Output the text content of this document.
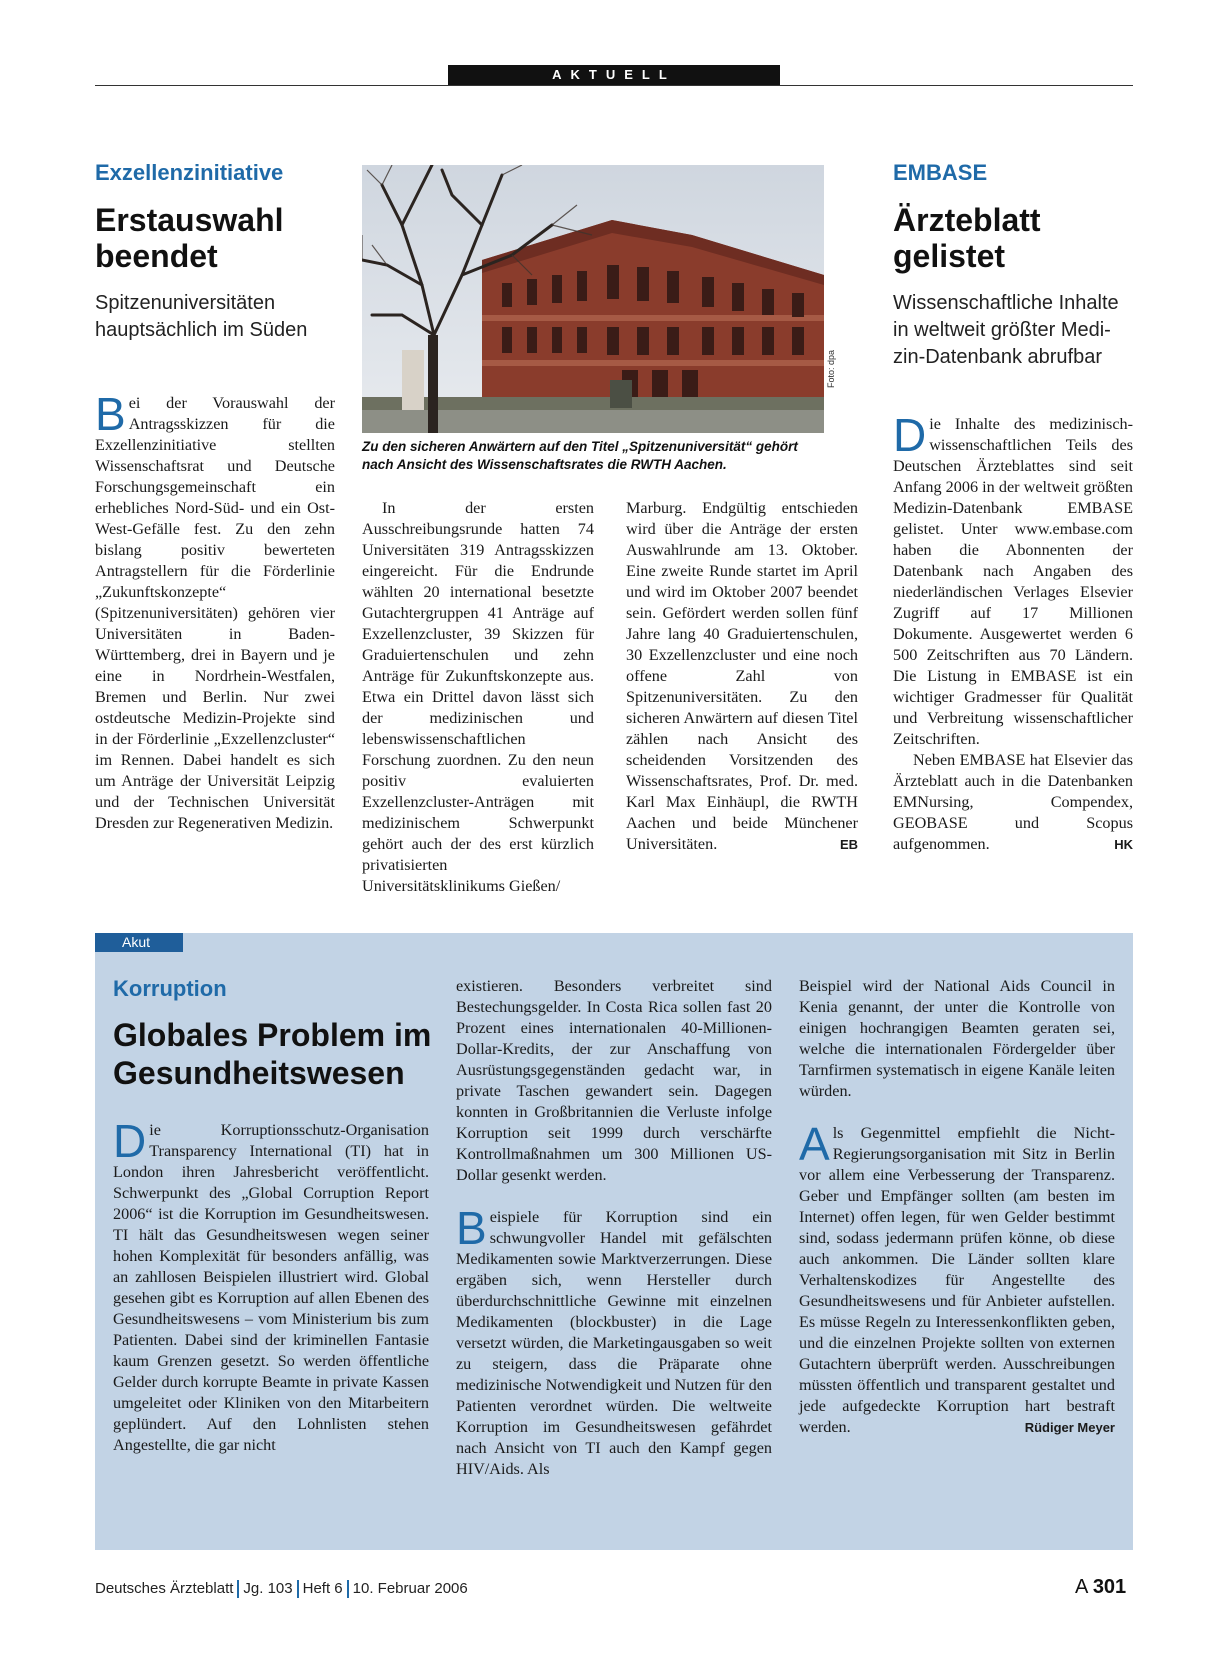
AKTUELL
Exzellenzinitiative
Erstauswahl
beendet
Spitzenuniversitäten
hauptsächlich im Süden

Bei der Vorauswahl der Antragsskizzen für die Exzellenzinitiative stellten Wissenschaftsrat und Deutsche Forschungsgemeinschaft ein erhebliches Nord-Süd- und ein Ost-West-Gefälle fest. Zu den zehn bislang positiv bewerteten Antragstellern für die Förderlinie „Zukunftskonzepte“ (Spitzenuniversitäten) gehören vier Universitäten in Baden-Württemberg, drei in Bayern und je eine in Nordrhein-Westfalen, Bremen und Berlin. Nur zwei ostdeutsche Medizin-Projekte sind in der Förderlinie „Exzellenzcluster“ im Rennen. Dabei handelt es sich um Anträge der Universität Leipzig und der Technischen Universität Dresden zur Regenerativen Medizin.

Foto: dpa
Zu den sicheren Anwärtern auf den Titel „Spitzenuniversität“ gehört nach Ansicht des Wissenschaftsrates die RWTH Aachen.

In der ersten Ausschreibungsrunde hatten 74 Universitäten 319 Antragsskizzen eingereicht. Für die Endrunde wählten 20 international besetzte Gutachtergruppen 41 Anträge auf Exzellenzcluster, 39 Skizzen für Graduiertenschulen und zehn Anträge für Zukunftskonzepte aus. Etwa ein Drittel davon lässt sich der medizinischen und lebenswissenschaftlichen Forschung zuordnen. Zu den neun positiv evaluierten Exzellenzcluster-Anträgen mit medizinischem Schwerpunkt gehört auch der des erst kürzlich privatisierten Universitätsklinikums Gießen/

Marburg. Endgültig entschieden wird über die Anträge der ersten Auswahlrunde am 13. Oktober. Eine zweite Runde startet im April und wird im Oktober 2007 beendet sein. Gefördert werden sollen fünf Jahre lang 40 Graduiertenschulen, 30 Exzellenzcluster und eine noch offene Zahl von Spitzenuniversitäten. Zu den sicheren Anwärtern auf diesen Titel zählen nach Ansicht des scheidenden Vorsitzenden des Wissenschaftsrates, Prof. Dr. med. Karl Max Einhäupl, die RWTH Aachen und beide Münchener Universitäten.	EB

EMBASE
Ärzteblatt
gelistet
Wissenschaftliche Inhalte
in weltweit größter Medi-
zin-Datenbank abrufbar

Die Inhalte des medizinisch-wissenschaftlichen Teils des Deutschen Ärzteblattes sind seit Anfang 2006 in der weltweit größten Medizin-Datenbank EMBASE gelistet. Unter www.embase.com haben die Abonnenten der Datenbank nach Angaben des niederländischen Verlages Elsevier Zugriff auf 17 Millionen Dokumente. Ausgewertet werden 6 500 Zeitschriften aus 70 Ländern. Die Listung in EMBASE ist ein wichtiger Gradmesser für Qualität und Verbreitung wissenschaftlicher Zeitschriften.

Neben EMBASE hat Elsevier das Ärzteblatt auch in die Datenbanken EMNursing, Compendex, GEOBASE und Scopus aufgenommen.	HK

Akut
Korruption
Globales Problem im
Gesundheitswesen

Die Korruptionsschutz-Organisation Transparency International (TI) hat in London ihren Jahresbericht veröffentlicht. Schwerpunkt des „Global Corruption Report 2006“ ist die Korruption im Gesundheitswesen. TI hält das Gesundheitswesen wegen seiner hohen Komplexität für besonders anfällig, was an zahllosen Beispielen illustriert wird. Global gesehen gibt es Korruption auf allen Ebenen des Gesundheitswesens – vom Ministerium bis zum Patienten. Dabei sind der kriminellen Fantasie kaum Grenzen gesetzt. So werden öffentliche Gelder durch korrupte Beamte in private Kassen umgeleitet oder Kliniken von den Mitarbeitern geplündert. Auf den Lohnlisten stehen Angestellte, die gar nicht

existieren. Besonders verbreitet sind Bestechungsgelder. In Costa Rica sollen fast 20 Prozent eines internationalen 40-Millionen-Dollar-Kredits, der zur Anschaffung von Ausrüstungsgegenständen gedacht war, in private Taschen gewandert sein. Dagegen konnten in Großbritannien die Verluste infolge Korruption seit 1999 durch verschärfte Kontrollmaßnahmen um 300 Millionen US-Dollar gesenkt werden.

Beispiele für Korruption sind ein schwungvoller Handel mit gefälschten Medikamenten sowie Marktverzerrungen. Diese ergäben sich, wenn Hersteller durch überdurchschnittliche Gewinne mit einzelnen Medikamenten (blockbuster) in die Lage versetzt würden, die Marketingausgaben so weit zu steigern, dass die Präparate ohne medizinische Notwendigkeit und Nutzen für den Patienten verordnet würden. Die weltweite Korruption im Gesundheitswesen gefährdet nach Ansicht von TI auch den Kampf gegen HIV/Aids. Als

Beispiel wird der National Aids Council in Kenia genannt, der unter die Kontrolle von einigen hochrangigen Beamten geraten sei, welche die internationalen Fördergelder über Tarnfirmen systematisch in eigene Kanäle leiten würden.

Als Gegenmittel empfiehlt die Nicht-Regierungsorganisation mit Sitz in Berlin vor allem eine Verbesserung der Transparenz. Geber und Empfänger sollten (am besten im Internet) offen legen, für wen Gelder bestimmt sind, sodass jedermann prüfen könne, ob diese auch ankommen. Die Länder sollten klare Verhaltenskodizes für Angestellte des Gesundheitswesens und für Anbieter aufstellen. Es müsse Regeln zu Interessenkonflikten geben, und die einzelnen Projekte sollten von externen Gutachtern überprüft werden. Ausschreibungen müssten öffentlich und transparent gestaltet und jede aufgedeckte Korruption hart bestraft werden.	Rüdiger Meyer

Deutsches Ärzteblatt Jg. 103 Heft 6 10. Februar 2006	A 301
